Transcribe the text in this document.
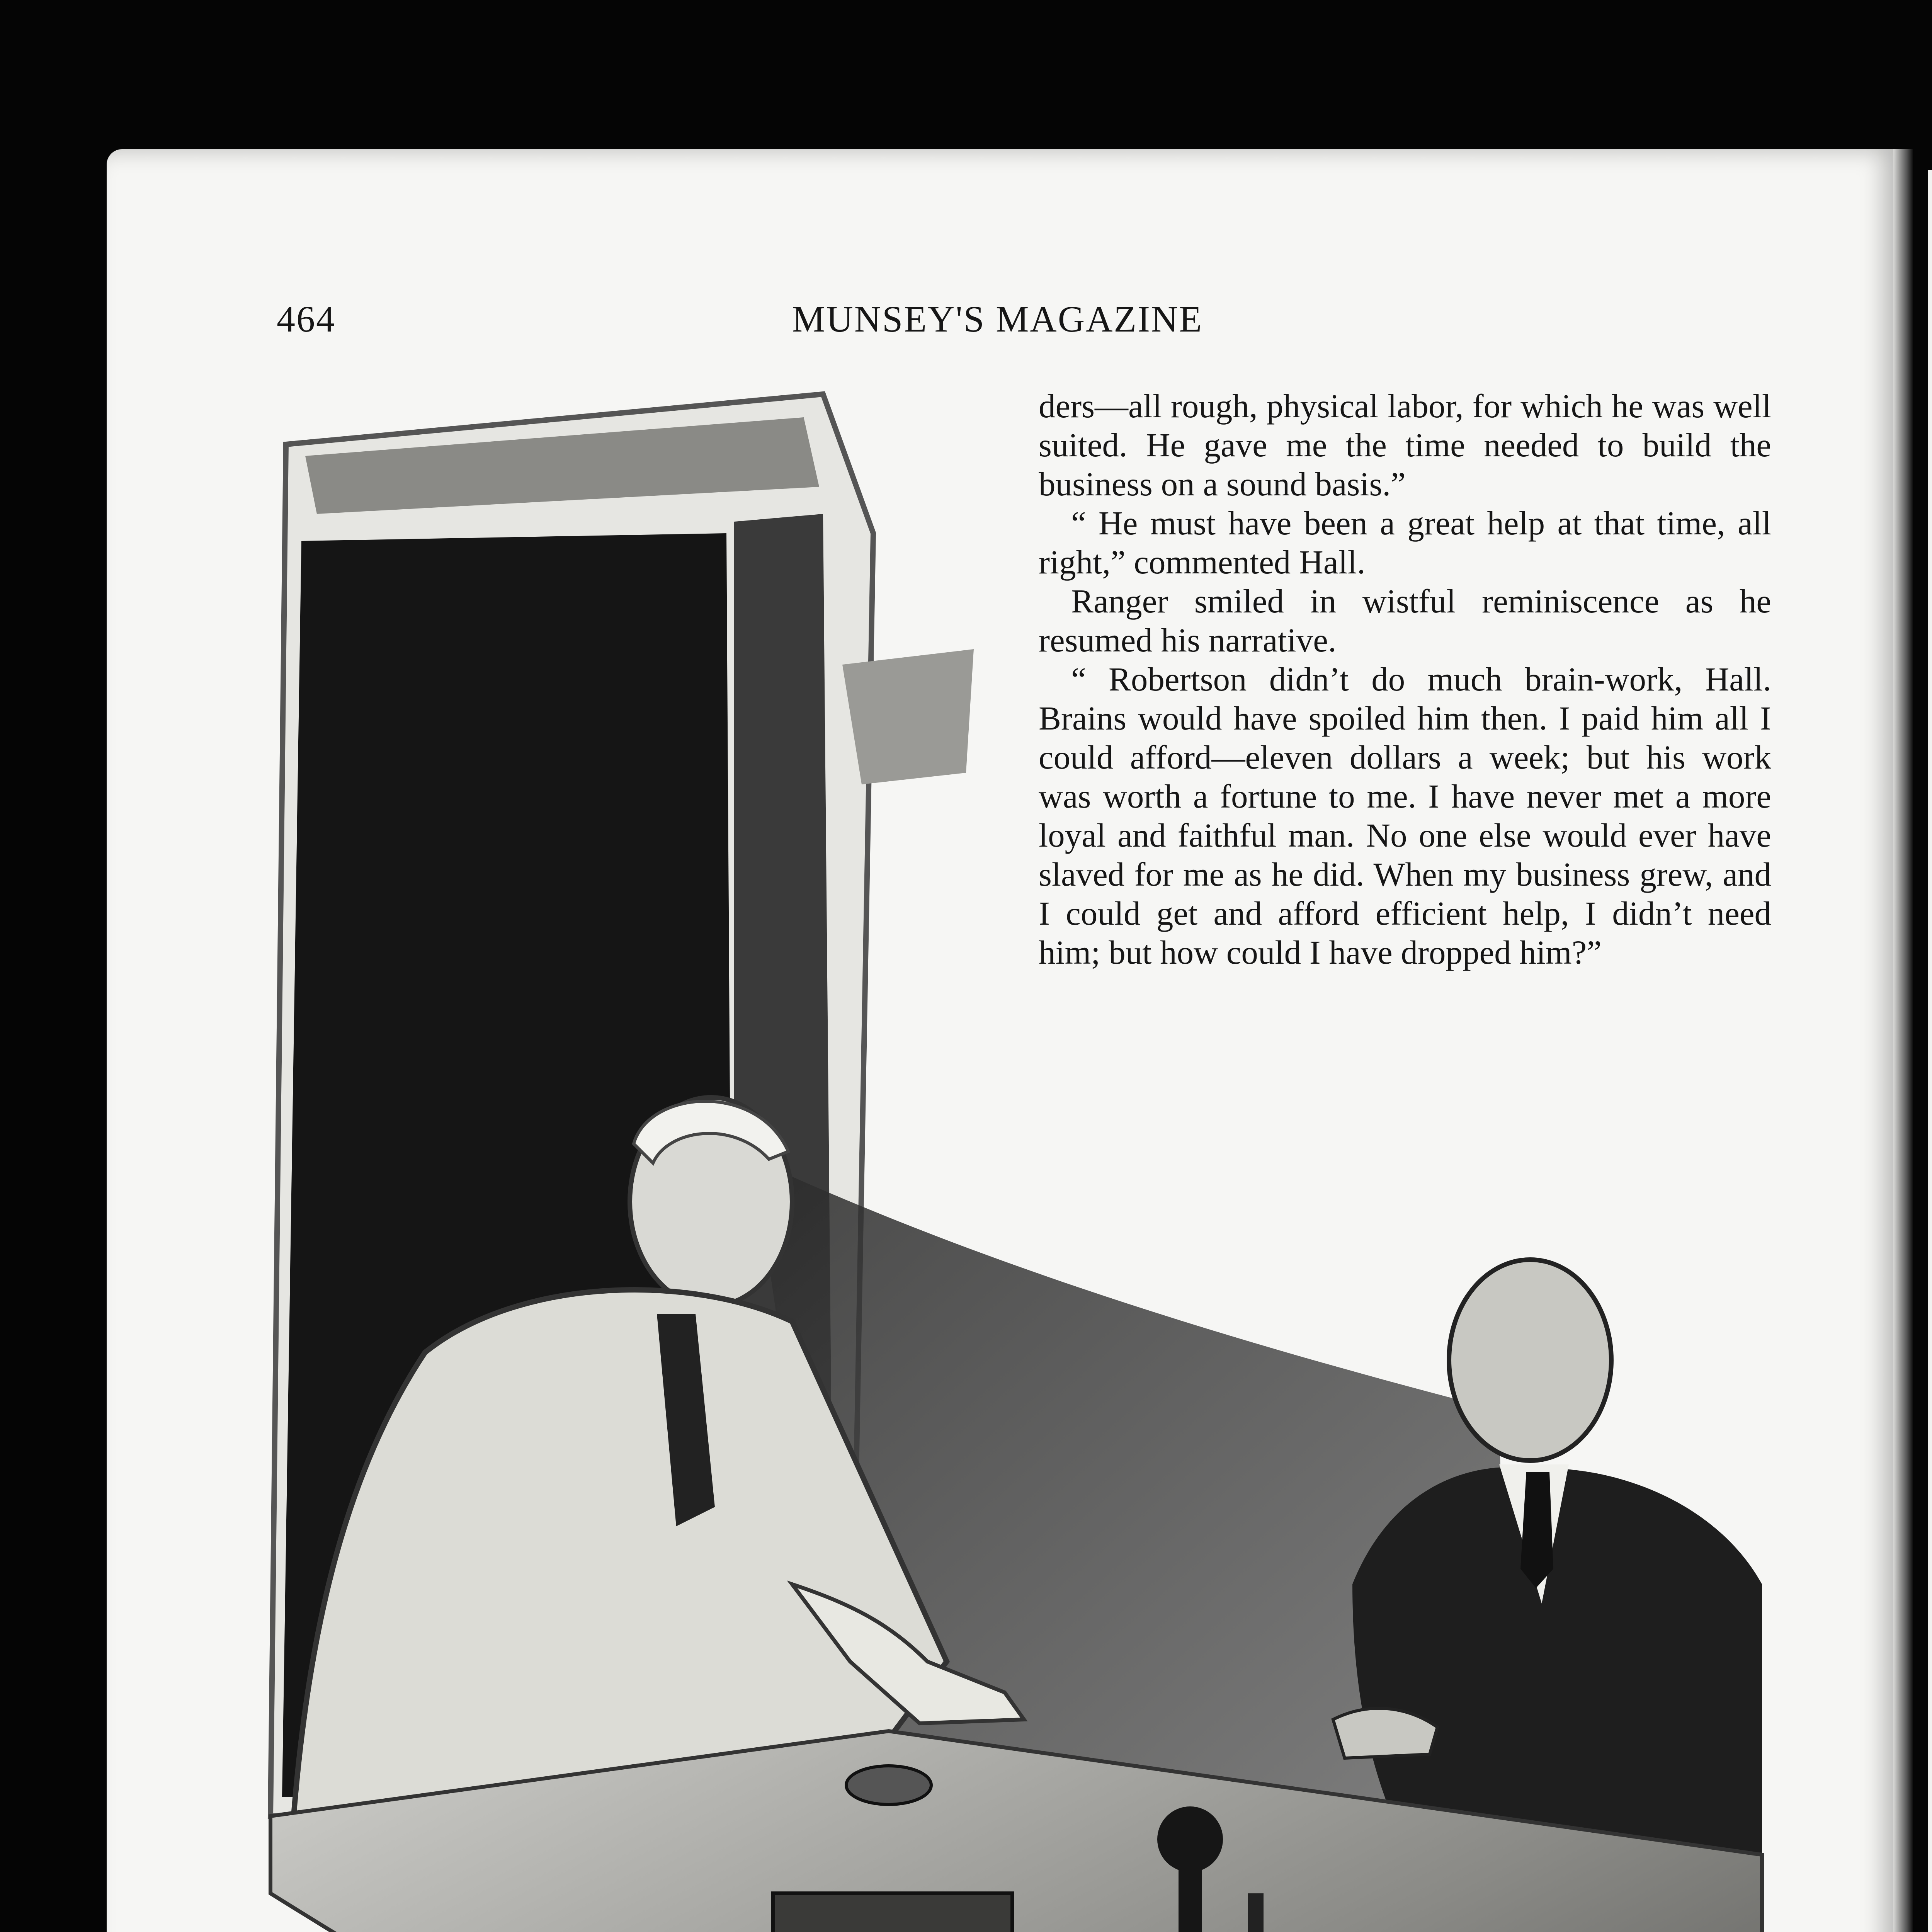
464	MUNSEY'S MAGAZINE

ders—all rough, physical labor, for which he was well suited. He gave me the time needed to build the business on a sound basis.”

“ He must have been a great help at that time, all right,” commented Hall.

Ranger smiled in wistful reminiscence as he resumed his narrative.

“ Robertson didn’t do much brain-work, Hall. Brains would have spoiled him then. I paid him all I could afford—eleven dollars a week; but his work was worth a fortune to me. I have never met a more loyal and faithful man. No one else would ever have slaved for me as he did. When my business grew, and I could get and afford efficient help, I didn’t need him; but how could I have dropped him?”
